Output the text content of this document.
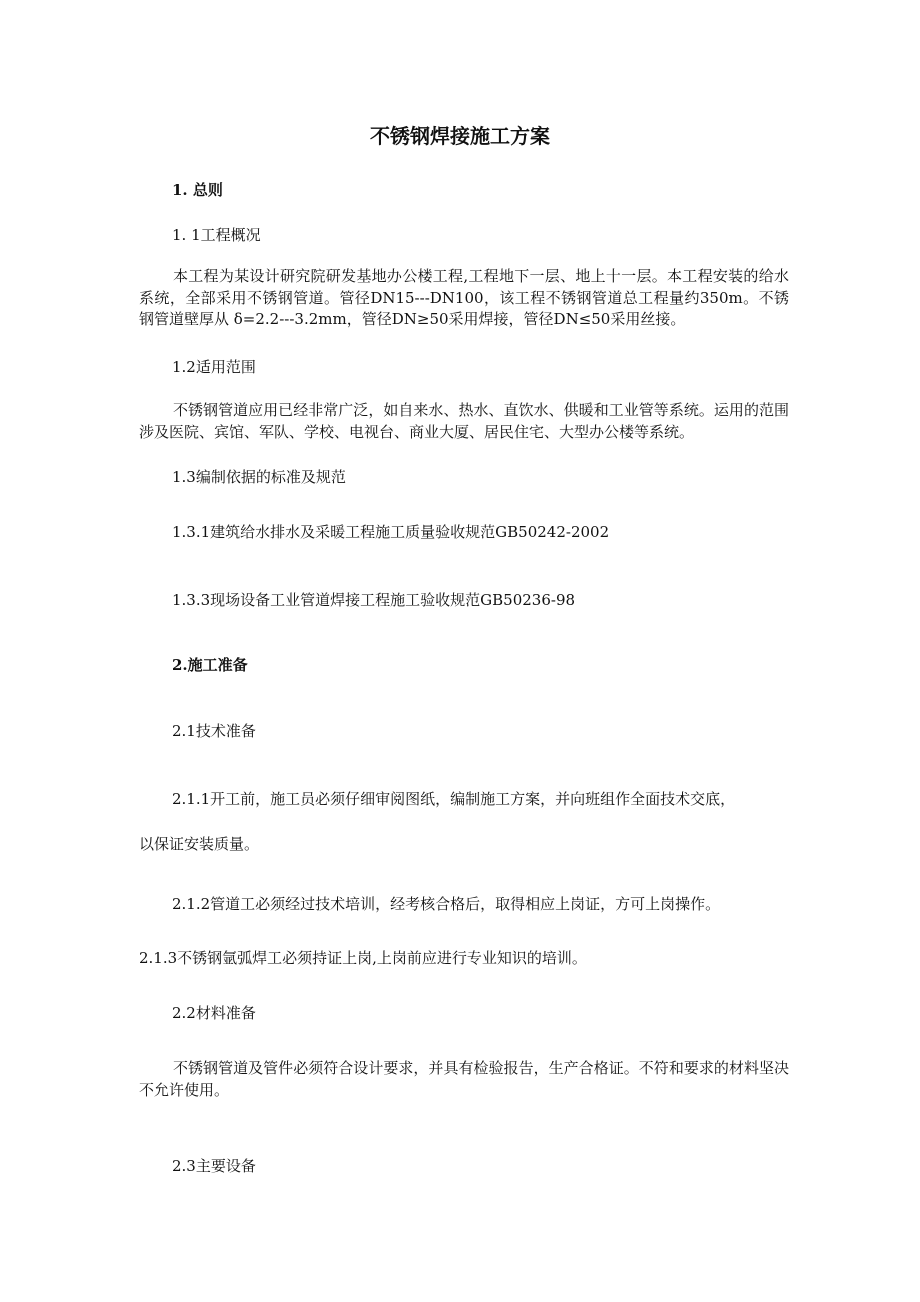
不锈钢焊接施工方案
1. 总则
1. 1工程概况
本工程为某设计研究院研发基地办公楼工程,工程地下一层、地上十一层。本工程安装的给水系统，全部采用不锈钢管道。管径DN15---DN100，该工程不锈钢管道总工程量约350m。不锈钢管道壁厚从 δ=2.2---3.2mm，管径DN≥50采用焊接，管径DN≤50采用丝接。
1.2适用范围
不锈钢管道应用已经非常广泛，如自来水、热水、直饮水、供暖和工业管等系统。运用的范围涉及医院、宾馆、军队、学校、电视台、商业大厦、居民住宅、大型办公楼等系统。
1.3编制依据的标准及规范
1.3.1建筑给水排水及采暖工程施工质量验收规范GB50242-2002
1.3.3现场设备工业管道焊接工程施工验收规范GB50236-98
2.施工准备
2.1技术准备
2.1.1开工前，施工员必须仔细审阅图纸，编制施工方案，并向班组作全面技术交底，
以保证安装质量。
2.1.2管道工必须经过技术培训，经考核合格后，取得相应上岗证，方可上岗操作。
2.1.3不锈钢氩弧焊工必须持证上岗,上岗前应进行专业知识的培训。
2.2材料准备
不锈钢管道及管件必须符合设计要求，并具有检验报告，生产合格证。不符和要求的材料坚决不允许使用。
2.3主要设备
